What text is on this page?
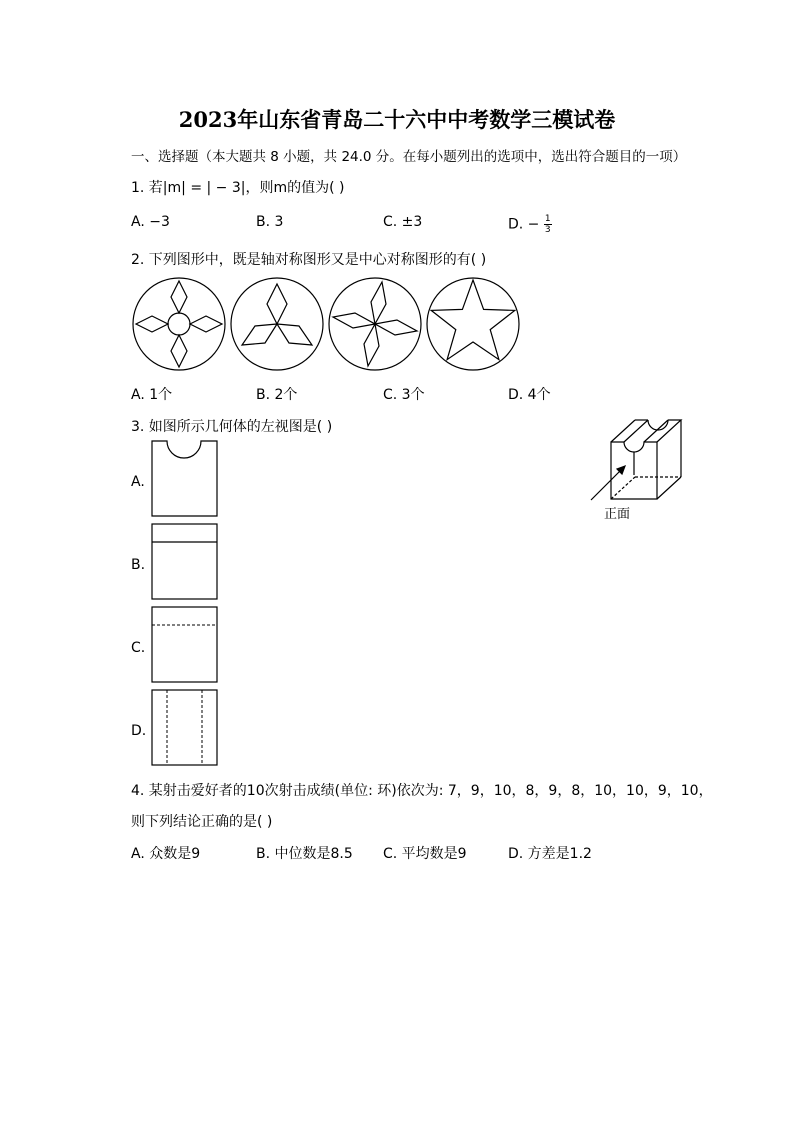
2023年山东省青岛二十六中中考数学三模试卷
一、选择题（本大题共 8 小题，共 24.0 分。在每小题列出的选项中，选出符合题目的一项）
1. 若|m| = | − 3|，则m的值为( )
A. −3	B. 3	C. ±3	D. − $\frac{1}{3}$
2. 下列图形中，既是轴对称图形又是中心对称图形的有( )
A. 1个	B. 2个	C. 3个	D. 4个
3. 如图所示几何体的左视图是( )
正面
A.
B.
C.
D.
4. 某射击爱好者的10次射击成绩(单位: 环)依次为: 7，9，10，8，9，8，10，10，9，10，
则下列结论正确的是( )
A. 众数是9	B. 中位数是8.5 C. 平均数是9	D. 方差是1.2
